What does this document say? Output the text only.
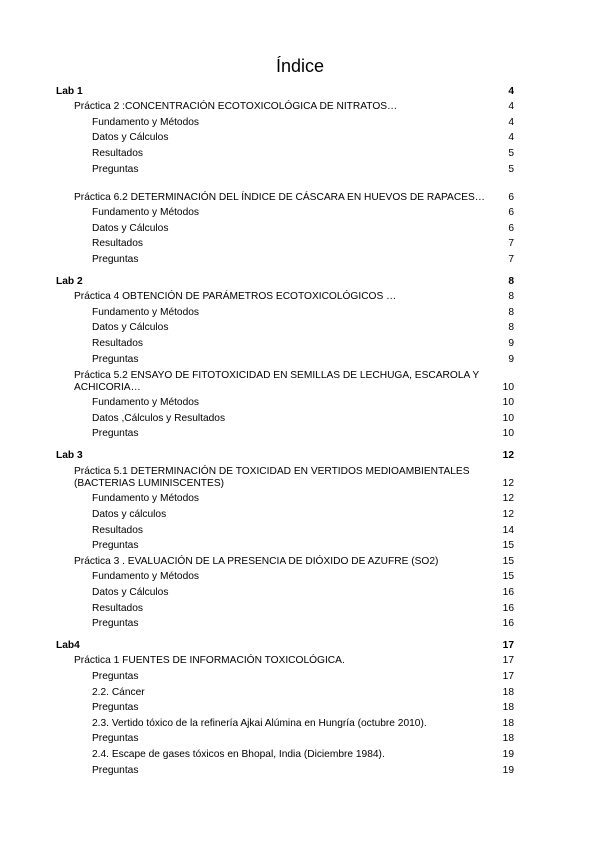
Índice
Lab 1	4
Práctica 2 :CONCENTRACIÓN ECOTOXICOLÓGICA DE NITRATOS…	4
Fundamento y Métodos	4
Datos y Cálculos	4
Resultados	5
Preguntas	5
Práctica 6.2 DETERMINACIÓN DEL ÍNDICE DE CÁSCARA EN HUEVOS DE RAPACES…	6
Fundamento y Métodos	6
Datos y Cálculos	6
Resultados	7
Preguntas	7
Lab 2	8
Práctica 4 OBTENCIÓN DE PARÁMETROS ECOTOXICOLÓGICOS …	8
Fundamento y Métodos	8
Datos y Cálculos	8
Resultados	9
Preguntas	9
Práctica 5.2 ENSAYO DE FITOTOXICIDAD EN SEMILLAS DE LECHUGA, ESCAROLA Y ACHICORIA…	10
Fundamento y Métodos	10
Datos ,Cálculos y Resultados	10
Preguntas	10
Lab 3	12
Práctica 5.1 DETERMINACIÓN DE TOXICIDAD EN VERTIDOS MEDIOAMBIENTALES (BACTERIAS LUMINISCENTES)	12
Fundamento y Métodos	12
Datos y cálculos	12
Resultados	14
Preguntas	15
Práctica 3 . EVALUACIÓN DE LA PRESENCIA DE DIÓXIDO DE AZUFRE (SO2)	15
Fundamento y Métodos	15
Datos y Cálculos	16
Resultados	16
Preguntas	16
Lab4	17
Práctica 1 FUENTES DE INFORMACIÓN TOXICOLÓGICA.	17
Preguntas	17
2.2. Cáncer	18
Preguntas	18
2.3. Vertido tóxico de la refinería Ajkai Alúmina en Hungría (octubre 2010).	18
Preguntas	18
2.4. Escape de gases tóxicos en Bhopal, India (Diciembre 1984).	19
Preguntas	19
